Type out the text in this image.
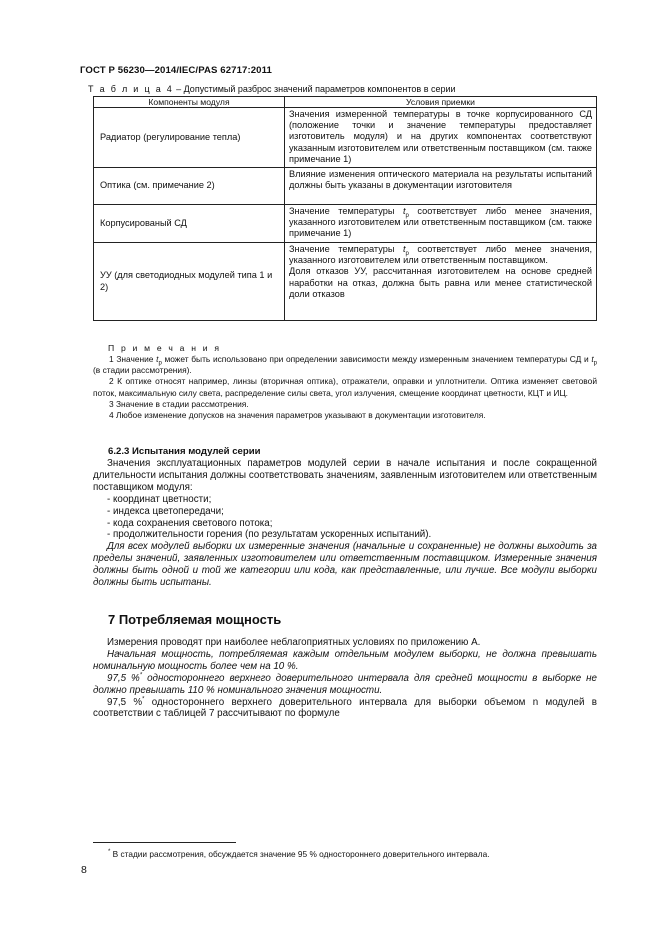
ГОСТ Р 56230—2014/IEC/PAS 62717:2011
Т а б л и ц а 4 – Допустимый разброс значений параметров компонентов в серии
Компоненты модуля	Условия приемки
Радиатор (регулирование тепла)	Значения измеренной температуры в точке корпусированного СД (положение точки и значение температуры предоставляет изготовитель модуля) и на других компонентах соответствуют указанным изготовителем или ответственным поставщиком (см. также примечание 1)
Оптика (см. примечание 2)	Влияние изменения оптического материала на результаты испытаний должны быть указаны в документации изготовителя
Корпусированый СД	Значение температуры $t_p$ соответствует либо менее значения, указанного изготовителем или ответственным поставщиком (см. также примечание 1)
УУ (для светодиодных модулей типа 1 и 2)	Значение температуры $t_p$ соответствует либо менее значения, указанного изготовителем или ответственным поставщиком.
Доля отказов УУ, рассчитанная изготовителем на основе средней наработки на отказ, должна быть равна или менее статистической доли отказов
П р и м е ч а н и я

1 Значение $t_p$ может быть использовано при определении зависимости между измеренным значением температуры СД и $t_p$ (в стадии рассмотрения).

2 К оптике относят например, линзы (вторичная оптика), отражатели, оправки и уплотнители. Оптика изменяет световой поток, максимальную силу света, распределение силы света, угол излучения, смещение координат цветности, КЦТ и ИЦ.

3 Значение в стадии рассмотрения.

4 Любое изменение допусков на значения параметров указывают в документации изготовителя.

6.2.3 Испытания модулей серии

Значения эксплуатационных параметров модулей серии в начале испытания и после сокращенной длительности испытания должны соответствовать значениям, заявленным изготовителем или ответственным поставщиком модуля:

- координат цветности;

- индекса цветопередачи;

- кода сохранения светового потока;

- продолжительности горения (по результатам ускоренных испытаний).

Для всех модулей выборки их измеренные значения (начальные и сохраненные) не должны выходить за пределы значений, заявленных изготовителем или ответственным поставщиком. Измеренные значения должны быть одной и той же категории или кода, как представленные, или лучше. Все модули выборки должны быть испытаны.

7 Потребляемая мощность

Измерения проводят при наиболее неблагоприятных условиях по приложению А.

Начальная мощность, потребляемая каждым отдельным модулем выборки, не должна превышать номинальную мощность более чем на 10 %.

97,5 %* одностороннего верхнего доверительного интервала для средней мощности в выборке не должно превышать 110 % номинального значения мощности.

97,5 %* одностороннего верхнего доверительного интервала для выборки объемом n модулей в соответствии с таблицей 7 рассчитывают по формуле

* В стадии рассмотрения, обсуждается значение 95 % одностороннего доверительного интервала.
8
